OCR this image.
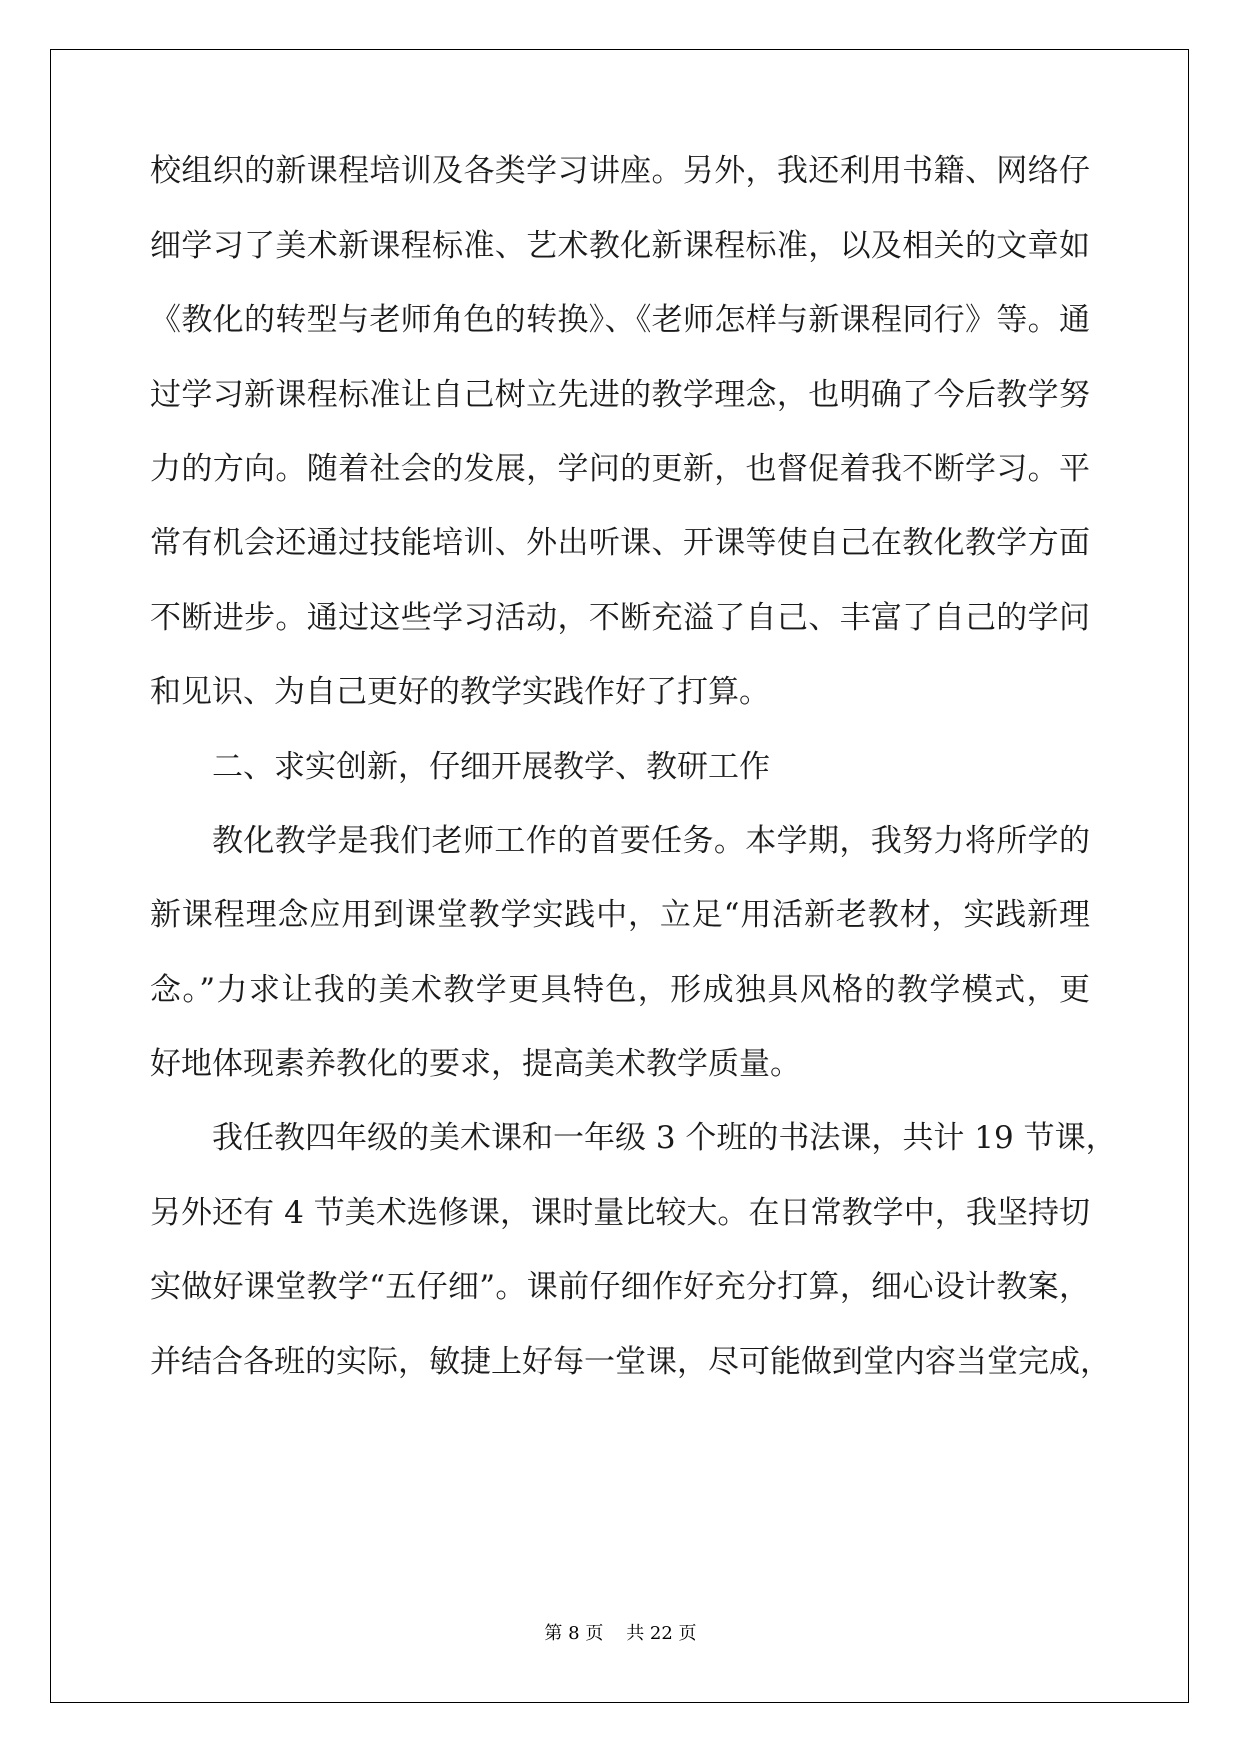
校组织的新课程培训及各类学习讲座。另外，我还利用书籍、网络仔
细学习了美术新课程标准、艺术教化新课程标准，以及相关的文章如
《教化的转型与老师角色的转换》、《老师怎样与新课程同行》等。通
过学习新课程标准让自己树立先进的教学理念，也明确了今后教学努
力的方向。随着社会的发展，学问的更新，也督促着我不断学习。平
常有机会还通过技能培训、外出听课、开课等使自己在教化教学方面
不断进步。通过这些学习活动，不断充溢了自己、丰富了自己的学问
和见识、为自己更好的教学实践作好了打算。
二、求实创新，仔细开展教学、教研工作
教化教学是我们老师工作的首要任务。本学期，我努力将所学的
新课程理念应用到课堂教学实践中，立足“用活新老教材，实践新理
念。”力求让我的美术教学更具特色，形成独具风格的教学模式，更
好地体现素养教化的要求，提高美术教学质量。
我任教四年级的美术课和一年级 3 个班的书法课，共计 19 节课，
另外还有 4 节美术选修课，课时量比较大。在日常教学中，我坚持切
实做好课堂教学“五仔细”。课前仔细作好充分打算，细心设计教案，
并结合各班的实际，敏捷上好每一堂课，尽可能做到堂内容当堂完成，
第 8 页    共 22 页
